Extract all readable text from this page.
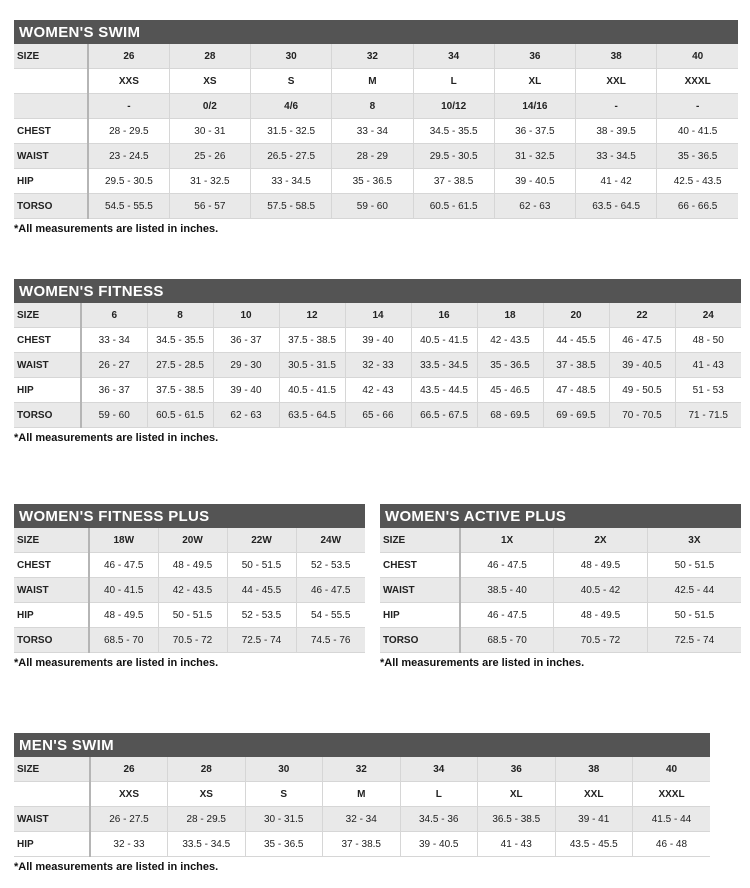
WOMEN'S SWIM
SIZE	26	28	30	32	34	36	38	40
	XXS	XS	S	M	L	XL	XXL	XXXL
	-	0/2	4/6	8	10/12	14/16	-	-
CHEST	28 - 29.5	30 - 31	31.5 - 32.5	33 - 34	34.5 - 35.5	36 - 37.5	38 - 39.5	40 - 41.5
WAIST	23 - 24.5	25 - 26	26.5 - 27.5	28 - 29	29.5 - 30.5	31 - 32.5	33 - 34.5	35 - 36.5
HIP	29.5 - 30.5	31 - 32.5	33 - 34.5	35 - 36.5	37 - 38.5	39 - 40.5	41 - 42	42.5 - 43.5
TORSO	54.5 - 55.5	56 - 57	57.5 - 58.5	59 - 60	60.5 - 61.5	62 - 63	63.5 - 64.5	66 - 66.5
*All measurements are listed in inches.
WOMEN'S FITNESS
SIZE	6	8	10	12	14	16	18	20	22	24
CHEST	33 - 34	34.5 - 35.5	36 - 37	37.5 - 38.5	39 - 40	40.5 - 41.5	42 - 43.5	44 - 45.5	46 - 47.5	48 - 50
WAIST	26 - 27	27.5 - 28.5	29 - 30	30.5 - 31.5	32 - 33	33.5 - 34.5	35 - 36.5	37 - 38.5	39 - 40.5	41 - 43
HIP	36 - 37	37.5 - 38.5	39 - 40	40.5 - 41.5	42 - 43	43.5 - 44.5	45 - 46.5	47 - 48.5	49 - 50.5	51 - 53
TORSO	59 - 60	60.5 - 61.5	62 - 63	63.5 - 64.5	65 - 66	66.5 - 67.5	68 - 69.5	69 - 69.5	70 - 70.5	71 - 71.5
*All measurements are listed in inches.
WOMEN'S FITNESS PLUS
SIZE	18W	20W	22W	24W
CHEST	46 - 47.5	48 - 49.5	50 - 51.5	52 - 53.5
WAIST	40 - 41.5	42 - 43.5	44 - 45.5	46 - 47.5
HIP	48 - 49.5	50 - 51.5	52 - 53.5	54 - 55.5
TORSO	68.5 - 70	70.5 - 72	72.5 - 74	74.5 - 76
*All measurements are listed in inches.
WOMEN'S ACTIVE PLUS
SIZE	1X	2X	3X
CHEST	46 - 47.5	48 - 49.5	50 - 51.5
WAIST	38.5 - 40	40.5 - 42	42.5 - 44
HIP	46 - 47.5	48 - 49.5	50 - 51.5
TORSO	68.5 - 70	70.5 - 72	72.5 - 74
*All measurements are listed in inches.
MEN'S SWIM
SIZE	26	28	30	32	34	36	38	40
	XXS	XS	S	M	L	XL	XXL	XXXL
WAIST	26 - 27.5	28 - 29.5	30 - 31.5	32 - 34	34.5 - 36	36.5 - 38.5	39 - 41	41.5 - 44
HIP	32 - 33	33.5 - 34.5	35 - 36.5	37 - 38.5	39 - 40.5	41 - 43	43.5 - 45.5	46 - 48
*All measurements are listed in inches.
